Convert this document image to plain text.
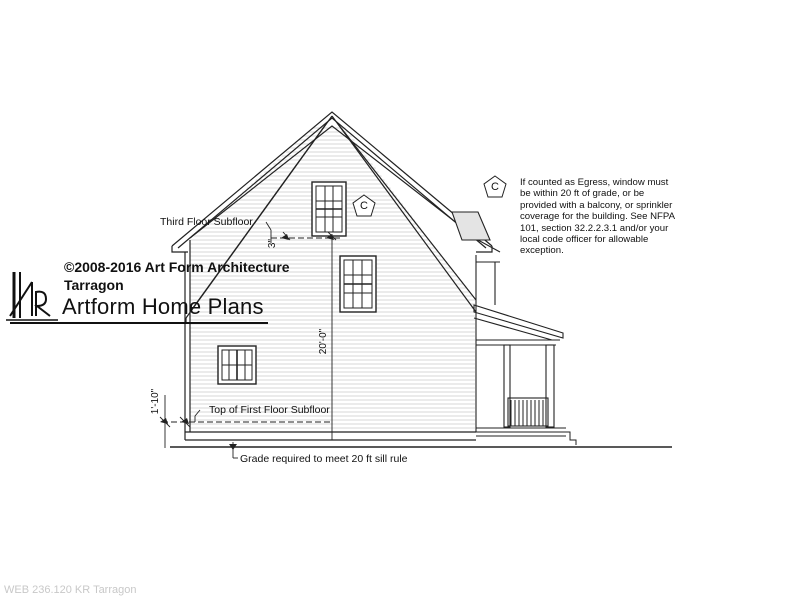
©2008-2016 Art Form Architecture
Tarragon
Artform Home Plans
If counted as Egress, window must be within 20 ft of grade, or be provided with a balcony, or sprinkler coverage for the building. See NFPA 101, section 32.2.2.3.1 and/or your local code officer for allowable exception.
Third Floor Subfloor
Top of First Floor Subfloor
Grade required to meet 20 ft sill rule
3"
20'-0"
1'-10"
C
C
WEB 236.120 KR Tarragon
